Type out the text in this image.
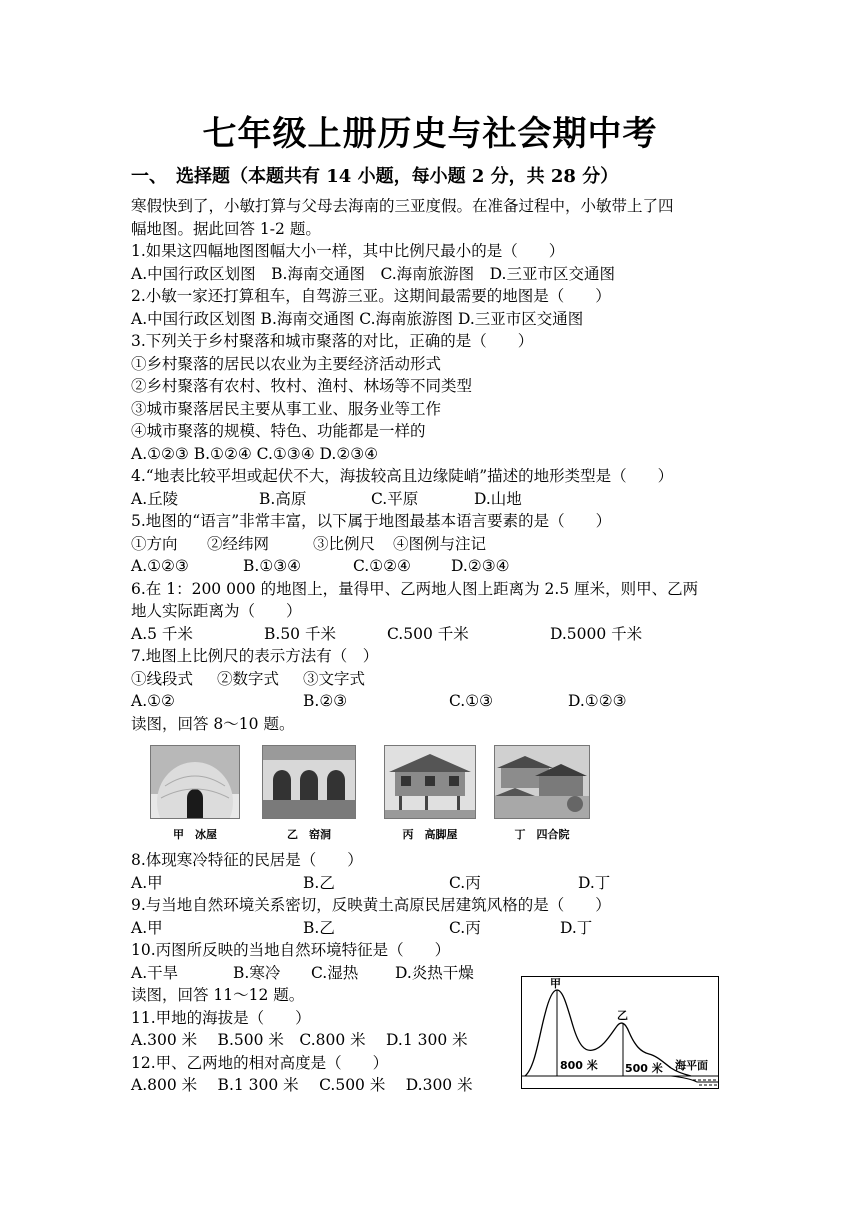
七年级上册历史与社会期中考
一、　选择题（本题共有 14 小题，每小题 2 分，共 28 分）
寒假快到了，小敏打算与父母去海南的三亚度假。在准备过程中，小敏带上了四
幅地图。据此回答 1-2 题。
1.如果这四幅地图图幅大小一样，其中比例尺最小的是（　　）
A.中国行政区划图　B.海南交通图　C.海南旅游图　D.三亚市区交通图
2.小敏一家还打算租车，自驾游三亚。这期间最需要的地图是（　　）
A.中国行政区划图 B.海南交通图 C.海南旅游图 D.三亚市区交通图
3.下列关于乡村聚落和城市聚落的对比，正确的是（　　）
①乡村聚落的居民以农业为主要经济活动形式
②乡村聚落有农村、牧村、渔村、林场等不同类型
③城市聚落居民主要从事工业、服务业等工作
④城市聚落的规模、特色、功能都是一样的
A.①②③ B.①②④ C.①③④ D.②③④
4.“地表比较平坦或起伏不大，海拔较高且边缘陡峭”描述的地形类型是（　　）
A.丘陵	B.高原	C.平原	D.山地
5.地图的“语言”非常丰富，以下属于地图最基本语言要素的是（　　）
①方向 ②经纬网	③比例尺 ④图例与注记
A.①②③	B.①③④	C.①②④	D.②③④
6.在 1：200 000 的地图上，量得甲、乙两地人图上距离为 2.5 厘米，则甲、乙两
地人实际距离为（　　）
A.5 千米	B.50 千米	C.500 千米	D.5000 千米
7.地图上比例尺的表示方法有（　）
①线段式 ②数字式 ③文字式
A.①②	B.②③	C.①③	D.①②③
读图，回答 8～10 题。
甲　冰屋	乙　窑洞	丙　高脚屋	丁　四合院
8.体现寒冷特征的民居是（　　）
A.甲	B.乙	C.丙	D.丁
9.与当地自然环境关系密切，反映黄土高原民居建筑风格的是（　　）
A.甲	B.乙	C.丙	D.丁
10.丙图所反映的当地自然环境特征是（　　）
A.干旱	B.寒冷 C.湿热 D.炎热干燥
读图，回答 11～12 题。
11.甲地的海拔是（　　）
A.300 米　 B.500 米　C.800 米　 D.1 300 米
12.甲、乙两地的相对高度是（　　）
A.800 米　 B.1 300 米　 C.500 米　 D.300 米
甲
乙
800 米 500 米 海平面
